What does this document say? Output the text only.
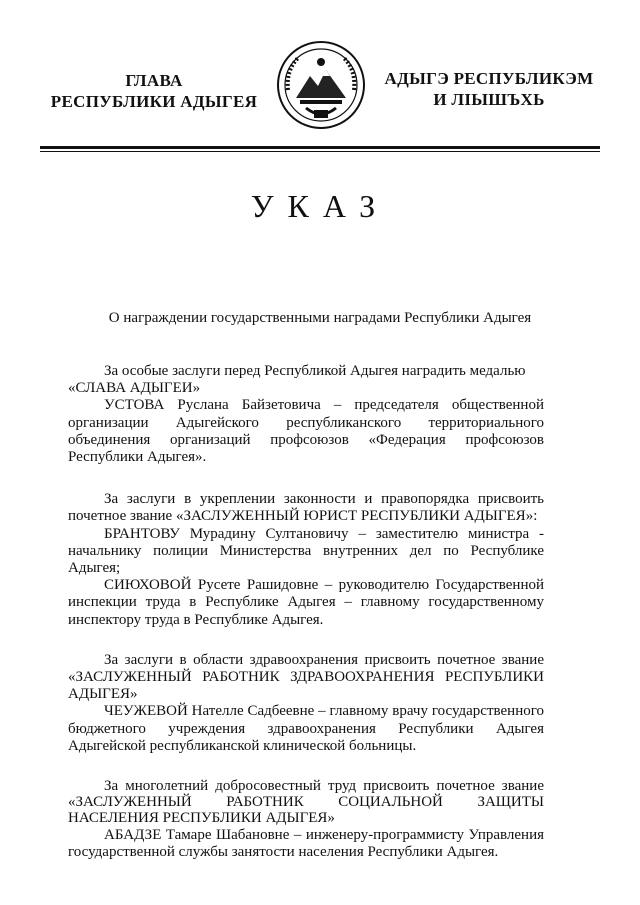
ГЛАВА
РЕСПУБЛИКИ АДЫГЕЯ
АДЫГЭ РЕСПУБЛИКЭМ
И ЛІЫШЪХЬ
УКАЗ
О награждении государственными наградами Республики Адыгея

За особые заслуги перед Республикой Адыгея наградить медалью

«СЛАВА АДЫГЕИ»

УСТОВА Руслана Байзетовича – председателя общественной организации Адыгейского республиканского территориального объединения организаций профсоюзов «Федерация профсоюзов Республики Адыгея».

За заслуги в укреплении законности и правопорядка присвоить почетное звание «ЗАСЛУЖЕННЫЙ ЮРИСТ РЕСПУБЛИКИ АДЫГЕЯ»:

БРАНТОВУ Мурадину Султановичу – заместителю министра - начальнику полиции Министерства внутренних дел по Республике Адыгея;

СИЮХОВОЙ Русете Рашидовне – руководителю Государственной инспекции труда в Республике Адыгея – главному государственному инспектору труда в Республике Адыгея.

За заслуги в области здравоохранения присвоить почетное звание «ЗАСЛУЖЕННЫЙ РАБОТНИК ЗДРАВООХРАНЕНИЯ РЕСПУБЛИКИ АДЫГЕЯ»

ЧЕУЖЕВОЙ Нателле Садбеевне – главному врачу государственного бюджетного учреждения здравоохранения Республики Адыгея Адыгейской республиканской клинической больницы.

За многолетний добросовестный труд присвоить почетное звание «ЗАСЛУЖЕННЫЙ РАБОТНИК СОЦИАЛЬНОЙ ЗАЩИТЫ НАСЕЛЕНИЯ РЕСПУБЛИКИ АДЫГЕЯ»

АБАДЗЕ Тамаре Шабановне – инженеру-программисту Управления государственной службы занятости населения Республики Адыгея.
